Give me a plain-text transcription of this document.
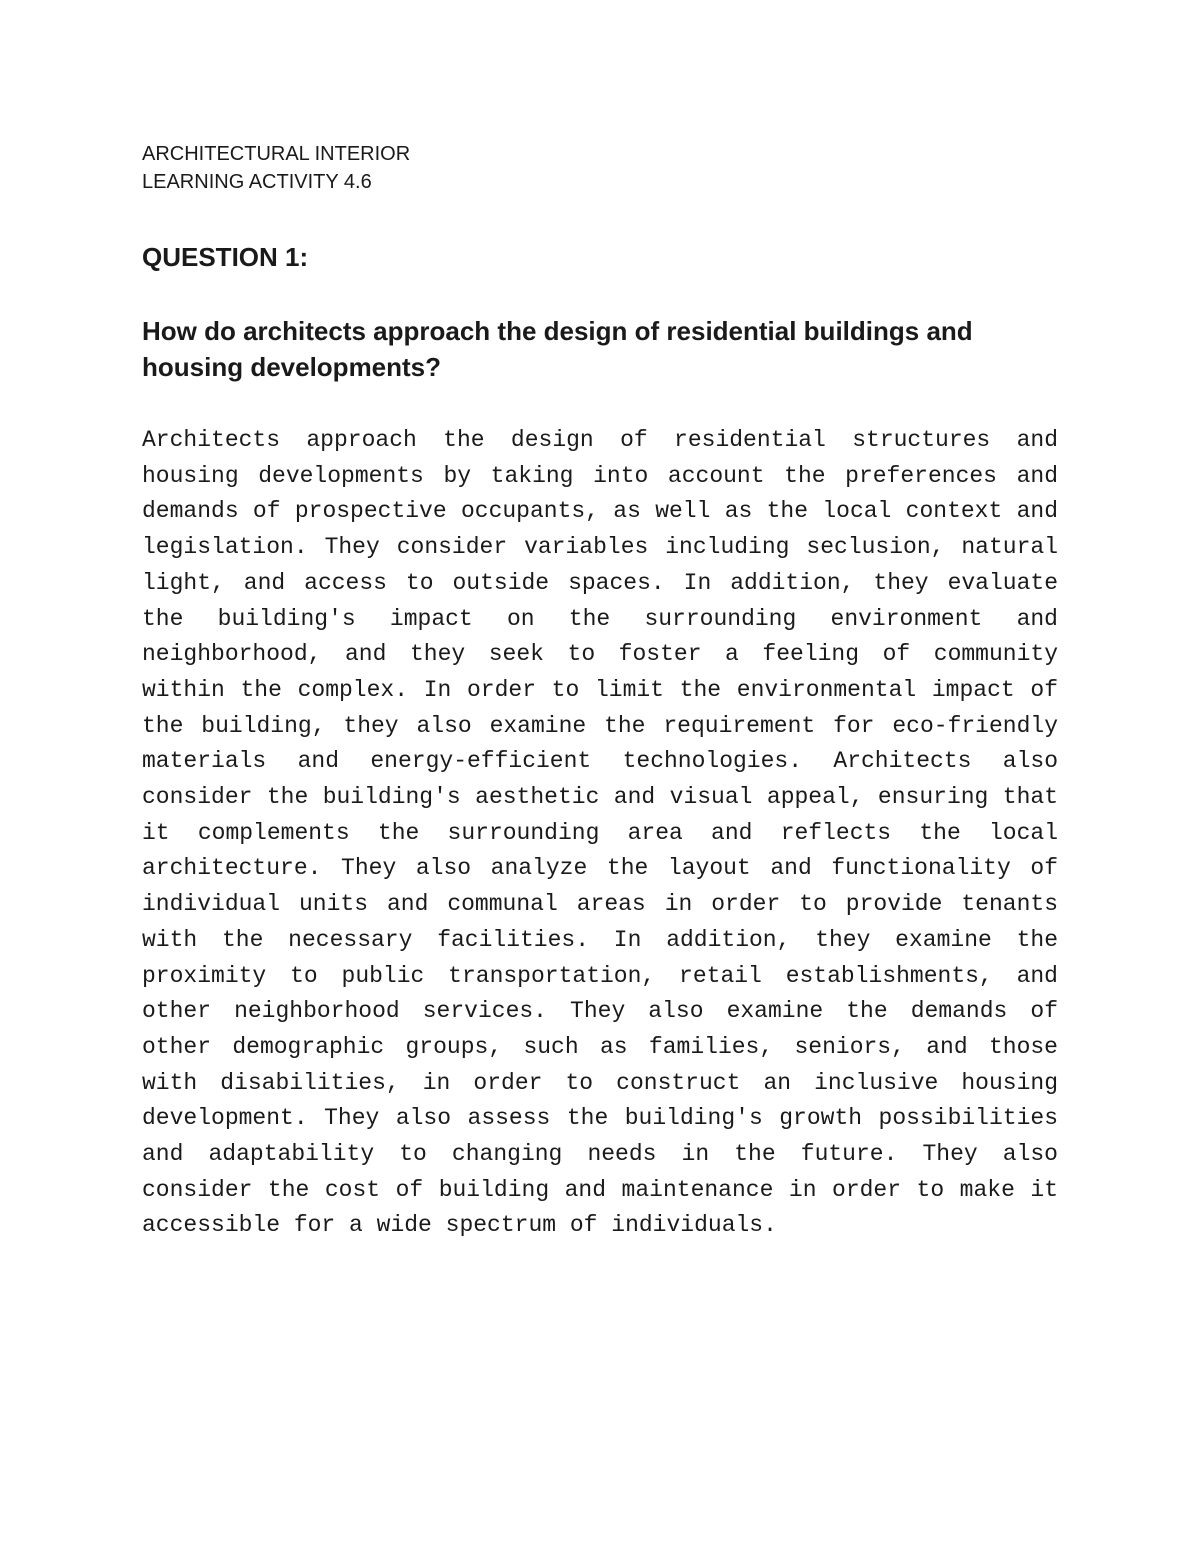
ARCHITECTURAL INTERIOR

LEARNING ACTIVITY 4.6

QUESTION 1:

How do architects approach the design of residential buildings and housing developments?

Architects approach the design of residential structures and housing developments by taking into account the preferences and demands of prospective occupants, as well as the local context and legislation. They consider variables including seclusion, natural light, and access to outside spaces. In addition, they evaluate the building's impact on the surrounding environment and neighborhood, and they seek to foster a feeling of community within the complex. In order to limit the environmental impact of the building, they also examine the requirement for eco-friendly materials and energy-efficient technologies. Architects also consider the building's aesthetic and visual appeal, ensuring that it complements the surrounding area and reflects the local architecture. They also analyze the layout and functionality of individual units and communal areas in order to provide tenants with the necessary facilities. In addition, they examine the proximity to public transportation, retail establishments, and other neighborhood services. They also examine the demands of other demographic groups, such as families, seniors, and those with disabilities, in order to construct an inclusive housing development. They also assess the building's growth possibilities and adaptability to changing needs in the future. They also consider the cost of building and maintenance in order to make it accessible for a wide spectrum of individuals.
